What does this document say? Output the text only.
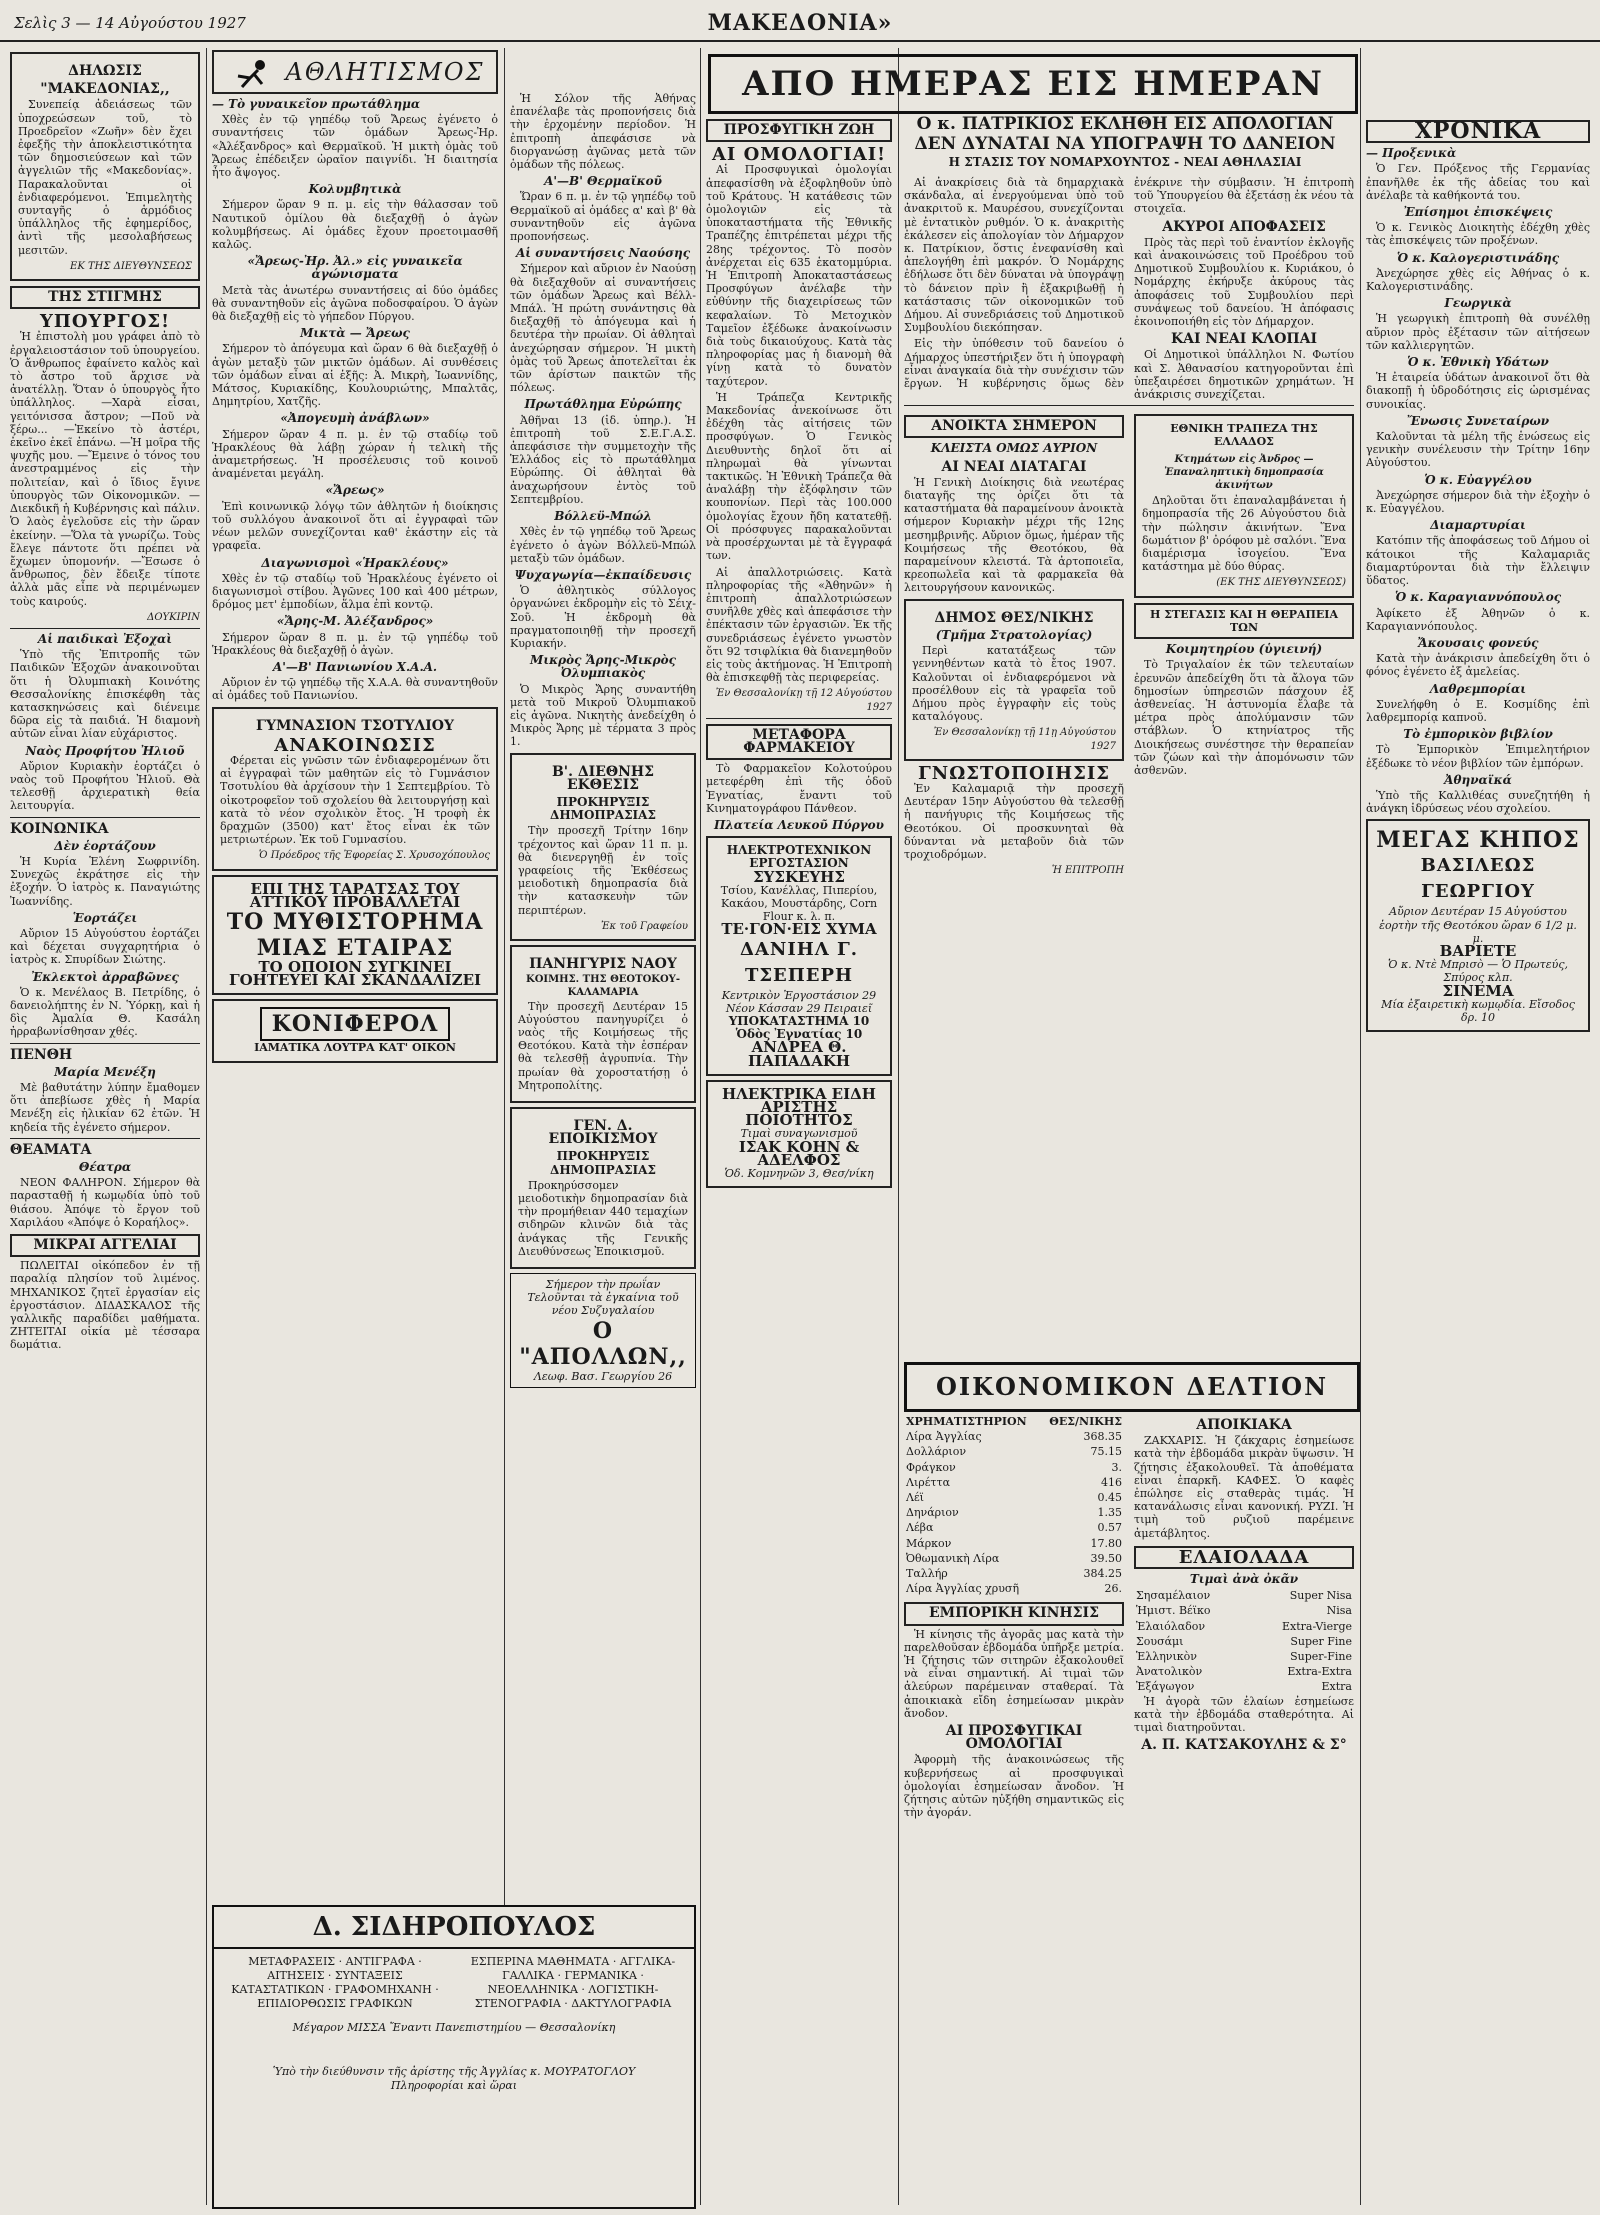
Σελὶς 3 — 14 Αὐγούστου 1927	ΜΑΚΕΔΟΝΙΑ»
ΔΗΛΩΣΙΣ
"ΜΑΚΕΔΟΝΙΑΣ,,

Συνεπείᾳ ἀδειάσεως τῶν ὑποχρεώσεων τοῦ, τὸ Προεδρεῖον «Ζωῆν» δὲν ἔχει ἐφεξῆς τὴν ἀποκλειστικότητα τῶν δημοσιεύσεων καὶ τῶν ἀγγελιῶν τῆς «Μακεδονίας». Παρακαλοῦνται οἱ ἐνδιαφερόμενοι. Ἐπιμελητὴς συνταγῆς ὁ ἁρμόδιος ὑπάλληλος τῆς ἐφημερίδος, ἀντὶ τῆς μεσολαβήσεως μεσιτῶν.

ΕΚ ΤΗΣ ΔΙΕΥΘΥΝΣΕΩΣ
ΤΗΣ ΣΤΙΓΜΗΣ
ΥΠΟΥΡΓΟΣ!

Ἡ ἐπιστολὴ μου γράφει ἀπὸ τὸ ἐργαλειοστάσιον τοῦ ὑπουργείου. Ὁ ἄνθρωπος ἐφαίνετο καλὸς καὶ τὸ ἄστρο τοῦ ἄρχισε νὰ ἀνατέλλῃ. Ὅταν ὁ ὑπουργὸς ἦτο ὑπάλληλος. —Χαρὰ εἶσαι, γειτόνισσα ἄστρον; —Ποῦ νὰ ξέρω... —Ἐκείνο τὸ ἀστέρι, ἐκεῖνο ἐκεῖ ἐπάνω. —Ἡ μοῖρα τῆς ψυχῆς μου. —Ἔμεινε ὁ τόνος του ἀνεστραμμένος εἰς τὴν πολιτείαν, καὶ ὁ ἴδιος ἔγινε ὑπουργὸς τῶν Οἰκονομικῶν. —Διεκδικῆ ἡ Κυβέρνησις καὶ πάλιν. Ὁ λαὸς ἐγελοῦσε εἰς τὴν ὥραν ἐκείνην. —Ὅλα τὰ γνωρίζω. Τοὺς ἔλεγε πάντοτε ὅτι πρέπει νὰ ἔχωμεν ὑπομονήν. —Ἔσωσε ὁ ἄνθρωπος, δὲν ἔδειξε τίποτε ἀλλὰ μᾶς εἶπε νὰ περιμένωμεν τοὺς καιρούς.

ΔΟΥΚΙΡΙΝ
Αἱ παιδικαὶ Ἐξοχαὶ

Ὑπὸ τῆς Ἐπιτροπῆς τῶν Παιδικῶν Ἐξοχῶν ἀνακοινοῦται ὅτι ἡ Ὀλυμπιακὴ Κοινότης Θεσσαλονίκης ἐπισκέφθη τὰς κατασκηνώσεις καὶ διένειμε δῶρα εἰς τὰ παιδιά. Ἡ διαμονὴ αὐτῶν εἶναι λίαν εὐχάριστος.

Ναὸς Προφήτου Ἠλιοῦ

Αὔριον Κυριακὴν ἑορτάζει ὁ ναὸς τοῦ Προφήτου Ἠλιοῦ. Θὰ τελεσθῇ ἀρχιερατικὴ θεία λειτουργία.

ΚΟΙΝΩΝΙΚΑ
Δὲν ἑορτάζουν

Ἡ Κυρία Ἑλένη Σωφρινίδη. Συνεχῶς ἐκράτησε εἰς τὴν ἐξοχήν. Ὁ ἰατρὸς κ. Παναγιώτης Ἰωαννίδης.

Ἑορτάζει

Αὔριον 15 Αὐγούστου ἑορτάζει καὶ δέχεται συγχαρητήρια ὁ ἰατρὸς κ. Σπυρίδων Σιώτης.

Ἐκλεκτοὶ ἀρραβῶνες

Ὁ κ. Μενέλαος Β. Πετρίδης, ὁ δανειολήπτης ἐν Ν. Ὑόρκῃ, καὶ ἡ δὶς Ἀμαλία Θ. Κασάλη ἠρραβωνίσθησαν χθές.

ΠΕΝΘΗ
Μαρία Μενέξη

Μὲ βαθυτάτην λύπην ἔμαθομεν ὅτι ἀπεβίωσε χθὲς ἡ Μαρία Μενέξη εἰς ἡλικίαν 62 ἐτῶν. Ἡ κηδεία τῆς ἐγένετο σήμερον.

ΘΕΑΜΑΤΑ
Θέατρα

ΝΕΟΝ ΦΑΛΗΡΟΝ. Σήμερον θὰ παρασταθῇ ἡ κωμῳδία ὑπὸ τοῦ θιάσου. Ἀπόψε τὸ ἔργον τοῦ Χαριλάου «Ἀπόψε ὁ Κοραήλος».

ΜΙΚΡΑΙ ΑΓΓΕΛΙΑΙ

ΠΩΛΕΙΤΑΙ οἰκόπεδον ἐν τῇ παραλίᾳ πλησίον τοῦ λιμένος. ΜΗΧΑΝΙΚΟΣ ζητεῖ ἐργασίαν εἰς ἐργοστάσιον. ΔΙΔΑΣΚΑΛΟΣ τῆς γαλλικῆς παραδίδει μαθήματα. ΖΗΤΕΙΤΑΙ οἰκία μὲ τέσσαρα δωμάτια.

ΑΘΛΗΤΙΣΜΟΣ
— Τὸ γυναικεῖον πρωτάθλημα

Χθὲς ἐν τῷ γηπέδῳ τοῦ Ἄρεως ἐγένετο ὁ συναντήσεις τῶν ὁμάδων Ἄρεως-Ἠρ. «Ἀλέξανδρος» καὶ Θερμαϊκοῦ. Ἡ μικτὴ ὁμὰς τοῦ Ἄρεως ἐπέδειξεν ὡραῖον παιγνίδι. Ἡ διαιτησία ἦτο ἄψογος.

Κολυμβητικὰ

Σήμερον ὥραν 9 π. μ. εἰς τὴν θάλασσαν τοῦ Ναυτικοῦ ὀμίλου θὰ διεξαχθῇ ὁ ἀγὼν κολυμβήσεως. Αἱ ὁμάδες ἔχουν προετοιμασθῆ καλῶς.

«Ἄρεως-Ἠρ. Ἀλ.» εἰς γυναικεῖα ἀγώνισματα

Μετὰ τὰς ἀνωτέρω συναντήσεις αἱ δύο ὁμάδες θὰ συναντηθοῦν εἰς ἀγῶνα ποδοσφαίρου. Ὁ ἀγὼν θὰ διεξαχθῇ εἰς τὸ γήπεδον Πύργου.

Μικτὰ — Ἄρεως

Σήμερον τὸ ἀπόγευμα καὶ ὥραν 6 θὰ διεξαχθῇ ὁ ἀγὼν μεταξὺ τῶν μικτῶν ὁμάδων. Αἱ συνθέσεις τῶν ὁμάδων εἶναι αἱ ἑξῆς: Ἀ. Μικρὴ, Ἰωαννίδης, Μάτσος, Κυριακίδης, Κουλουριώτης, Μπαλτᾶς, Δημητρίου, Χατζῆς.

«Ἀπογευμὴ ἀνάβλων»

Σήμερον ὥραν 4 π. μ. ἐν τῷ σταδίῳ τοῦ Ἡρακλέους θὰ λάβῃ χώραν ἡ τελικὴ τῆς ἀναμετρήσεως. Ἡ προσέλευσις τοῦ κοινοῦ ἀναμένεται μεγάλη.

«Ἄρεως»

Ἐπὶ κοινωνικῷ λόγῳ τῶν ἀθλητῶν ἡ διοίκησις τοῦ συλλόγου ἀνακοινοῖ ὅτι αἱ ἐγγραφαὶ τῶν νέων μελῶν συνεχίζονται καθ' ἑκάστην εἰς τὰ γραφεῖα.

Διαγωνισμοὶ «Ἡρακλέους»

Χθὲς ἐν τῷ σταδίῳ τοῦ Ἡρακλέους ἐγένετο οἱ διαγωνισμοὶ στίβου. Ἀγῶνες 100 καὶ 400 μέτρων, δρόμος μετ' ἐμποδίων, ἅλμα ἐπὶ κοντῷ.

«Ἄρης-Μ. Ἀλέξανδρος»

Σήμερον ὥραν 8 π. μ. ἐν τῷ γηπέδῳ τοῦ Ἡρακλέους θὰ διεξαχθῇ ὁ ἀγὼν.

Α'—Β' Πανιωνίου Χ.Α.Α.

Αὔριον ἐν τῷ γηπέδῳ τῆς Χ.Α.Α. θὰ συναντηθοῦν αἱ ὁμάδες τοῦ Πανιωνίου.

ΓΥΜΝΑΣΙΟΝ ΤΣΟΤΥΛΙΟΥ
ΑΝΑΚΟΙΝΩΣΙΣ

Φέρεται εἰς γνῶσιν τῶν ἐνδιαφερομένων ὅτι αἱ ἐγγραφαὶ τῶν μαθητῶν εἰς τὸ Γυμνάσιον Τσοτυλίου θὰ ἀρχίσουν τὴν 1 Σεπτεμβρίου. Τὸ οἰκοτροφεῖον τοῦ σχολείου θὰ λειτουργήσῃ καὶ κατὰ τὸ νέον σχολικὸν ἔτος. Ἡ τροφὴ ἐκ δραχμῶν (3500) κατ' ἔτος εἶναι ἐκ τῶν μετριωτέρων. Ἐκ τοῦ Γυμνασίου.

Ὁ Πρόεδρος τῆς Ἐφορείας Σ. Χρυσοχόπουλος
ΕΠΙ ΤΗΣ ΤΑΡΑΤΣΑΣ ΤΟΥ ΑΤΤΙΚΟΥ ΠΡΟΒΑΛΛΕΤΑΙ
ΤΟ ΜΥΘΙΣΤΟΡΗΜΑ ΜΙΑΣ ΕΤΑΙΡΑΣ
ΤΟ ΟΠΟΙΟΝ ΣΥΓΚΙΝΕΙ ΓΟΗΤΕΥΕΙ ΚΑΙ ΣΚΑΝΔΑΛΙΖΕΙ
ΚΟΝΙΦΕΡΟΛ
ΙΑΜΑΤΙΚΑ ΛΟΥΤΡΑ ΚΑΤ' ΟΙΚΟΝ
Δ. ΣΙΔΗΡΟΠΟΥΛΟΣ
ΜΕΤΑΦΡΑΣΕΙΣ · ΑΝΤΙΓΡΑΦΑ · ΑΙΤΗΣΕΙΣ · ΣΥΝΤΑΞΕΙΣ ΚΑΤΑΣΤΑΤΙΚΩΝ · ΓΡΑΦΟΜΗΧΑΝΗ · ΕΠΙΔΙΟΡΘΩΣΙΣ ΓΡΑΦΙΚΩΝ
ΕΣΠΕΡΙΝΑ ΜΑΘΗΜΑΤΑ · ΑΓΓΛΙΚΑ-ΓΑΛΛΙΚΑ · ΓΕΡΜΑΝΙΚΑ · ΝΕΟΕΛΛΗΝΙΚΑ · ΛΟΓΙΣΤΙΚΗ-ΣΤΕΝΟΓΡΑΦΙΑ · ΔΑΚΤΥΛΟΓΡΑΦΙΑ
Μέγαρον ΜΙΣΣΑ Ἔναντι Πανεπιστημίου — Θεσσαλονίκη
Ὑπὸ τὴν διεύθυνσιν τῆς ἀρίστης τῆς Ἀγγλίας κ. ΜΟΥΡΑΤΟΓΛΟΥ
Πληροφορίαι καὶ ὥραι

Ἡ Σόλον τῆς Ἀθήνας ἐπανέλαβε τὰς προπονήσεις διὰ τὴν ἐρχομένην περίοδον. Ἡ ἐπιτροπὴ ἀπεφάσισε νὰ διοργανώσῃ ἀγῶνας μετὰ τῶν ὁμάδων τῆς πόλεως.

Α'—Β' Θερμαϊκοῦ

Ὥραν 6 π. μ. ἐν τῷ γηπέδῳ τοῦ Θερμαϊκοῦ αἱ ὁμάδες α' καὶ β' θὰ συναντηθοῦν εἰς ἀγῶνα προπονήσεως.

Αἱ συναντήσεις Ναούσης

Σήμερον καὶ αὔριον ἐν Ναούσῃ θὰ διεξαχθοῦν αἱ συναντήσεις τῶν ὁμάδων Ἄρεως καὶ Βέλλ-Μπάλ. Ἡ πρώτη συνάντησις θὰ διεξαχθῇ τὸ ἀπόγευμα καὶ ἡ δευτέρα τὴν πρωίαν. Οἱ ἀθληταὶ ἀνεχώρησαν σήμερον. Ἡ μικτὴ ὁμὰς τοῦ Ἄρεως ἀποτελεῖται ἐκ τῶν ἀρίστων παικτῶν τῆς πόλεως.

Πρωτάθλημα Εὐρώπης

Ἀθῆναι 13 (ἰδ. ὑπηρ.). Ἡ ἐπιτροπὴ τοῦ Σ.Ε.Γ.Α.Σ. ἀπεφάσισε τὴν συμμετοχὴν τῆς Ἑλλάδος εἰς τὸ πρωτάθλημα Εὐρώπης. Οἱ ἀθληταὶ θὰ ἀναχωρήσουν ἐντὸς τοῦ Σεπτεμβρίου.

Βόλλεϋ-Μπώλ

Χθὲς ἐν τῷ γηπέδῳ τοῦ Ἄρεως ἐγένετο ὁ ἀγὼν Βόλλεϋ-Μπώλ μεταξὺ τῶν ὁμάδων.

Ψυχαγωγία—ἐκπαίδευσις

Ὁ ἀθλητικὸς σύλλογος ὀργανώνει ἐκδρομὴν εἰς τὸ Σέιχ-Σοῦ. Ἡ ἐκδρομὴ θὰ πραγματοποιηθῇ τὴν προσεχῆ Κυριακήν.

Μικρὸς Ἄρης-Μικρὸς Ὀλυμπιακὸς

Ὁ Μικρὸς Ἄρης συναντήθη μετὰ τοῦ Μικροῦ Ὀλυμπιακοῦ εἰς ἀγῶνα. Νικητὴς ἀνεδείχθη ὁ Μικρὸς Ἄρης μὲ τέρματα 3 πρὸς 1.

Β'. ΔΙΕΘΝΗΣ ΕΚΘΕΣΙΣ
ΠΡΟΚΗΡΥΞΙΣ ΔΗΜΟΠΡΑΣΙΑΣ

Τὴν προσεχῆ Τρίτην 16ην τρέχοντος καὶ ὥραν 11 π. μ. θὰ διενεργηθῇ ἐν τοῖς γραφείοις τῆς Ἐκθέσεως μειοδοτικὴ δημοπρασία διὰ τὴν κατασκευὴν τῶν περιπτέρων.

Ἐκ τοῦ Γραφείου
ΠΑΝΗΓΥΡΙΣ ΝΑΟΥ
ΚΟΙΜΗΣ. ΤΗΣ ΘΕΟΤΟΚΟΥ-ΚΑΛΑΜΑΡΙΑ

Τὴν προσεχῆ Δευτέραν 15 Αὐγούστου πανηγυρίζει ὁ ναὸς τῆς Κοιμήσεως τῆς Θεοτόκου. Κατὰ τὴν ἑσπέραν θὰ τελεσθῇ ἀγρυπνία. Τὴν πρωίαν θὰ χοροστατήσῃ ὁ Μητροπολίτης.

ΓΕΝ. Δ. ΕΠΟΙΚΙΣΜΟΥ
ΠΡΟΚΗΡΥΞΙΣ ΔΗΜΟΠΡΑΣΙΑΣ

Προκηρύσσομεν μειοδοτικὴν δημοπρασίαν διὰ τὴν προμήθειαν 440 τεμαχίων σιδηρῶν κλινῶν διὰ τὰς ἀνάγκας τῆς Γενικῆς Διευθύνσεως Ἐποικισμοῦ.

Σήμερον τὴν πρωΐαν Τελοῦνται τὰ ἐγκαίνια τοῦ νέου Συζυγαλαίου
Ο "ΑΠΟΛΛΩΝ,,
Λεωφ. Βασ. Γεωργίου 26
ΑΠΟ ΗΜΕΡΑΣ ΕΙΣ ΗΜΕΡΑΝ
Ο κ. ΠΑΤΡΙΚΙΟΣ ΕΚΛΗΘΗ ΕΙΣ ΑΠΟΛΟΓΙΑΝ
ΔΕΝ ΔΥΝΑΤΑΙ ΝΑ ΥΠΟΓΡΑΨΗ ΤΟ ΔΑΝΕΙΟΝ
Η ΣΤΑΣΙΣ ΤΟΥ ΝΟΜΑΡΧΟΥΝΤΟΣ - ΝΕΑΙ ΑΘΗΛΑΣΙΑΙ
ΠΡΟΣΦΥΓΙΚΗ ΖΩΗ
ΑΙ ΟΜΟΛΟΓΙΑΙ!

Αἱ Προσφυγικαὶ ὁμολογίαι ἀπεφασίσθη νὰ ἐξοφληθοῦν ὑπὸ τοῦ Κράτους. Ἡ κατάθεσις τῶν ὁμολογιῶν εἰς τὰ ὑποκαταστήματα τῆς Ἐθνικῆς Τραπέζης ἐπιτρέπεται μέχρι τῆς 28ης τρέχοντος. Τὸ ποσὸν ἀνέρχεται εἰς 635 ἑκατομμύρια. Ἡ Ἐπιτροπὴ Ἀποκαταστάσεως Προσφύγων ἀνέλαβε τὴν εὐθύνην τῆς διαχειρίσεως τῶν κεφαλαίων. Τὸ Μετοχικὸν Ταμεῖον ἐξέδωκε ἀνακοίνωσιν διὰ τοὺς δικαιούχους. Κατὰ τὰς πληροφορίας μας ἡ διανομὴ θὰ γίνῃ κατὰ τὸ δυνατὸν ταχύτερον.

Ἡ Τράπεζα Κεντρικῆς Μακεδονίας ἀνεκοίνωσε ὅτι ἐδέχθη τὰς αἰτήσεις τῶν προσφύγων. Ὁ Γενικὸς Διευθυντὴς δηλοῖ ὅτι αἱ πληρωμαὶ θὰ γίνωνται τακτικῶς. Ἡ Ἐθνικὴ Τράπεζα θὰ ἀναλάβῃ τὴν ἐξόφλησιν τῶν κουπονίων. Περὶ τὰς 100.000 ὁμολογίας ἔχουν ἤδη κατατεθῇ. Οἱ πρόσφυγες παρακαλοῦνται νὰ προσέρχωνται μὲ τὰ ἔγγραφά των.

Αἱ ἀπαλλοτριώσεις. Κατὰ πληροφορίας τῆς «Ἀθηνῶν» ἡ ἐπιτροπὴ ἀπαλλοτριώσεων συνῆλθε χθὲς καὶ ἀπεφάσισε τὴν ἐπέκτασιν τῶν ἐργασιῶν. Ἐκ τῆς συνεδριάσεως ἐγένετο γνωστὸν ὅτι 92 τσιφλίκια θὰ διανεμηθοῦν εἰς τοὺς ἀκτήμονας. Ἡ Ἐπιτροπὴ θὰ ἐπισκεφθῇ τὰς περιφερείας.

Ἐν Θεσσαλονίκῃ τῇ 12 Αὐγούστου 1927
ΜΕΤΑΦΟΡΑ ΦΑΡΜΑΚΕΙΟΥ

Τὸ Φαρμακεῖον Κολοτούρου μετεφέρθη ἐπὶ τῆς ὁδοῦ Ἐγνατίας, ἔναντι τοῦ Κινηματογράφου Πάνθεον.

Πλατεία Λευκοῦ Πύργου
ΗΛΕΚΤΡΟΤΕΧΝΙΚΟΝ ΕΡΓΟΣΤΑΣΙΟΝ
ΣΥΣΚΕΥΗΣ
Τσίου, Κανέλλας, Πιπερίου, Κακάου, Μουστάρδης, Corn Flour κ. λ. π.
ΤΕ·ΓΟΝ·ΕΙΣ ΧΥΜΑ
ΔΑΝΙΗΛ Γ. ΤΣΕΠΕΡΗ
Κεντρικὸν Ἐργοστάσιον 29 Νέον Κάσσαν 29 Πειραιεῖ
ΥΠΟΚΑΤΑΣΤΗΜΑ 10 Ὁδὸς Ἐγνατίας 10
ΑΝΔΡΕΑ Θ. ΠΑΠΑΔΑΚΗ
ΗΛΕΚΤΡΙΚΑ ΕΙΔΗ ΑΡΙΣΤΗΣ ΠΟΙΟΤΗΤΟΣ
Τιμαὶ συναγωνισμοῦ
ΙΣΑΚ ΚΟΗΝ & ΑΔΕΛΦΟΣ
Ὁδ. Κομνηνῶν 3, Θεσ/νίκη

Αἱ ἀνακρίσεις διὰ τὰ δημαρχιακὰ σκάνδαλα, αἱ ἐνεργούμεναι ὑπὸ τοῦ ἀνακριτοῦ κ. Μαυρέσου, συνεχίζονται μὲ ἐντατικὸν ρυθμόν. Ὁ κ. ἀνακριτὴς ἐκάλεσεν εἰς ἀπολογίαν τὸν Δήμαρχον κ. Πατρίκιον, ὅστις ἐνεφανίσθη καὶ ἀπελογήθη ἐπὶ μακρόν. Ὁ Νομάρχης ἐδήλωσε ὅτι δὲν δύναται νὰ ὑπογράψῃ τὸ δάνειον πρὶν ἢ ἐξακριβωθῇ ἡ κατάστασις τῶν οἰκονομικῶν τοῦ Δήμου. Αἱ συνεδριάσεις τοῦ Δημοτικοῦ Συμβουλίου διεκόπησαν.

Εἰς τὴν ὑπόθεσιν τοῦ δανείου ὁ Δήμαρχος ὑπεστήριξεν ὅτι ἡ ὑπογραφὴ εἶναι ἀναγκαία διὰ τὴν συνέχισιν τῶν ἔργων. Ἡ κυβέρνησις ὅμως δὲν ἐνέκρινε τὴν σύμβασιν. Ἡ ἐπιτροπὴ τοῦ Ὑπουργείου θὰ ἐξετάσῃ ἐκ νέου τὰ στοιχεῖα.

ΑΚΥΡΟΙ ΑΠΟΦΑΣΕΙΣ

Πρὸς τὰς περὶ τοῦ ἐναντίον ἐκλογῆς καὶ ἀνακοινώσεις τοῦ Προέδρου τοῦ Δημοτικοῦ Συμβουλίου κ. Κυριάκου, ὁ Νομάρχης ἐκήρυξε ἀκύρους τὰς ἀποφάσεις τοῦ Συμβουλίου περὶ συνάψεως τοῦ δανείου. Ἡ ἀπόφασις ἐκοινοποιήθη εἰς τὸν Δήμαρχον.

ΚΑΙ ΝΕΑΙ ΚΛΟΠΑΙ

Οἱ Δημοτικοὶ ὑπάλληλοι Ν. Φωτίου καὶ Σ. Ἀθανασίου κατηγοροῦνται ἐπὶ ὑπεξαιρέσει δημοτικῶν χρημάτων. Ἡ ἀνάκρισις συνεχίζεται.

ΑΝΟΙΚΤΑ ΣΗΜΕΡΟΝ
ΚΛΕΙΣΤΑ ΟΜΩΣ ΑΥΡΙΟΝ
ΑΙ ΝΕΑΙ ΔΙΑΤΑΓΑΙ

Ἡ Γενικὴ Διοίκησις διὰ νεωτέρας διαταγῆς της ὁρίζει ὅτι τὰ καταστήματα θὰ παραμείνουν ἀνοικτὰ σήμερον Κυριακὴν μέχρι τῆς 12ης μεσημβρινῆς. Αὔριον ὅμως, ἡμέραν τῆς Κοιμήσεως τῆς Θεοτόκου, θὰ παραμείνουν κλειστά. Τὰ ἀρτοποιεῖα, κρεοπωλεῖα καὶ τὰ φαρμακεῖα θὰ λειτουργήσουν κανονικῶς.

ΔΗΜΟΣ ΘΕΣ/ΝΙΚΗΣ
(Τμῆμα Στρατολογίας)

Περὶ κατατάξεως τῶν γεννηθέντων κατὰ τὸ ἔτος 1907. Καλοῦνται οἱ ἐνδιαφερόμενοι νὰ προσέλθουν εἰς τὰ γραφεῖα τοῦ Δήμου πρὸς ἐγγραφὴν εἰς τοὺς καταλόγους.

Ἐν Θεσσαλονίκῃ τῇ 11ῃ Αὐγούστου 1927
ΓΝΩΣΤΟΠΟΙΗΣΙΣ

Ἐν Καλαμαριᾷ τὴν προσεχῆ Δευτέραν 15ην Αὐγούστου θὰ τελεσθῇ ἡ πανήγυρις τῆς Κοιμήσεως τῆς Θεοτόκου. Οἱ προσκυνηταὶ θὰ δύνανται νὰ μεταβοῦν διὰ τῶν τροχιοδρόμων.

Ἡ ΕΠΙΤΡΟΠΗ
ΕΘΝΙΚΗ ΤΡΑΠΕΖΑ ΤΗΣ ΕΛΛΑΔΟΣ
Κτημάτων εἰς Ἀνδρος — Ἐπαναληπτικὴ δημοπρασία ἀκινήτων

Δηλοῦται ὅτι ἐπαναλαμβάνεται ἡ δημοπρασία τῆς 26 Αὐγούστου διὰ τὴν πώλησιν ἀκινήτων. Ἕνα δωμάτιον β' ὀρόφου μὲ σαλόνι. Ἕνα διαμέρισμα ἰσογείου. Ἕνα κατάστημα μὲ δύο θύρας.

(ΕΚ ΤΗΣ ΔΙΕΥΘΥΝΣΕΩΣ)
Η ΣΤΕΓΑΣΙΣ ΚΑΙ Η ΘΕΡΑΠΕΙΑ ΤΩΝ
Κοιμητηρίου (ὑγιεινή)

Τὸ Τριγαλαίον ἐκ τῶν τελευταίων ἐρευνῶν ἀπεδείχθη ὅτι τὰ ἄλογα τῶν δημοσίων ὑπηρεσιῶν πάσχουν ἐξ ἀσθενείας. Ἡ ἀστυνομία ἔλαβε τὰ μέτρα πρὸς ἀπολύμανσιν τῶν στάβλων. Ὁ κτηνίατρος τῆς Διοικήσεως συνέστησε τὴν θεραπείαν τῶν ζώων καὶ τὴν ἀπομόνωσιν τῶν ἀσθενῶν.

ΟΙΚΟΝΟΜΙΚΟΝ ΔΕΛΤΙΟΝ
ΧΡΗΜΑΤΙΣΤΗΡΙΟΝ	ΘΕΣ/ΝΙΚΗΣ
Λίρα Ἀγγλίας	368.35
Δολλάριον	75.15
Φράγκον	3.
Λιρέττα	416
Λέϊ	0.45
Δηνάριον	1.35
Λέβα	0.57
Μάρκον	17.80
Ὀθωμανικὴ Λίρα	39.50
Ταλλήρ	384.25
Λίρα Ἀγγλίας χρυσῆ	26.
ΕΜΠΟΡΙΚΗ ΚΙΝΗΣΙΣ

Ἡ κίνησις τῆς ἀγορᾶς μας κατὰ τὴν παρελθοῦσαν ἑβδομάδα ὑπῆρξε μετρία. Ἡ ζήτησις τῶν σιτηρῶν ἐξακολουθεῖ νὰ εἶναι σημαντική. Αἱ τιμαὶ τῶν ἀλεύρων παρέμειναν σταθεραί. Τὰ ἀποικιακὰ εἴδη ἐσημείωσαν μικρὰν ἄνοδον.

ΑΙ ΠΡΟΣΦΥΓΙΚΑΙ ΟΜΟΛΟΓΙΑΙ

Ἀφορμὴ τῆς ἀνακοινώσεως τῆς κυβερνήσεως αἱ προσφυγικαὶ ὁμολογίαι ἐσημείωσαν ἄνοδον. Ἡ ζήτησις αὐτῶν ηὐξήθη σημαντικῶς εἰς τὴν ἀγοράν.

ΑΠΟΙΚΙΑΚΑ

ΖΑΚΧΑΡΙΣ. Ἡ ζάκχαρις ἐσημείωσε κατὰ τὴν ἑβδομάδα μικρὰν ὕψωσιν. Ἡ ζήτησις ἐξακολουθεῖ. Τὰ ἀποθέματα εἶναι ἐπαρκῆ. ΚΑΦΕΣ. Ὁ καφὲς ἐπώλησε εἰς σταθερὰς τιμάς. Ἡ κατανάλωσις εἶναι κανονική. ΡΥΖΙ. Ἡ τιμὴ τοῦ ρυζιοῦ παρέμεινε ἀμετάβλητος.

ΕΛΑΙΟΛΑΔΑ
Τιμαὶ ἀνὰ ὀκᾶν
Σησαμέλαιον	Super Nisa
Ἡμιστ. Βέϊκο	Nisa
Ἐλαιόλαδον	Extra-Vierge
Σουσάμι	Super Fine
Ἑλληνικὸν	Super-Fine
Ἀνατολικὸν	Extra-Extra
Ἐξάγωγον	Extra

Ἡ ἀγορὰ τῶν ἐλαίων ἐσημείωσε κατὰ τὴν ἑβδομάδα σταθερότητα. Αἱ τιμαὶ διατηροῦνται.

Α. Π. ΚΑΤΣΑΚΟΥΛΗΣ & Σ°
ΧΡΟΝΙΚΑ
— Προξενικὰ

Ὁ Γεν. Πρόξενος τῆς Γερμανίας ἐπανῆλθε ἐκ τῆς ἀδείας του καὶ ἀνέλαβε τὰ καθήκοντά του.

Ἐπίσημοι ἐπισκέψεις

Ὁ κ. Γενικὸς Διοικητὴς ἐδέχθη χθὲς τὰς ἐπισκέψεις τῶν προξένων.

Ὁ κ. Καλογεριστινάδης

Ἀνεχώρησε χθὲς εἰς Ἀθήνας ὁ κ. Καλογεριστινάδης.

Γεωργικὰ

Ἡ γεωργικὴ ἐπιτροπὴ θὰ συνέλθῃ αὔριον πρὸς ἐξέτασιν τῶν αἰτήσεων τῶν καλλιεργητῶν.

Ὁ κ. Ἐθνικὴ Υδάτων

Ἡ ἐταιρεία ὑδάτων ἀνακοινοῖ ὅτι θὰ διακοπῇ ἡ ὑδροδότησις εἰς ὡρισμένας συνοικίας.

Ἔνωσις Συνεταίρων

Καλοῦνται τὰ μέλη τῆς ἑνώσεως εἰς γενικὴν συνέλευσιν τὴν Τρίτην 16ην Αὐγούστου.

Ὁ κ. Εὐαγγέλου

Ἀνεχώρησε σήμερον διὰ τὴν ἐξοχὴν ὁ κ. Εὐαγγέλου.

Διαμαρτυρίαι

Κατόπιν τῆς ἀποφάσεως τοῦ Δήμου οἱ κάτοικοι τῆς Καλαμαριᾶς διαμαρτύρονται διὰ τὴν ἔλλειψιν ὕδατος.

Ὁ κ. Καραγιαννόπουλος

Ἀφίκετο ἐξ Ἀθηνῶν ὁ κ. Καραγιαννόπουλος.

Ἄκουσαις φονεύς

Κατὰ τὴν ἀνάκρισιν ἀπεδείχθη ὅτι ὁ φόνος ἐγένετο ἐξ ἀμελείας.

Λαθρεμπορίαι

Συνελήφθη ὁ Ε. Κοσμίδης ἐπὶ λαθρεμπορίᾳ καπνοῦ.

Τὸ ἐμπορικὸν βιβλίον

Τὸ Ἐμπορικὸν Ἐπιμελητήριον ἐξέδωκε τὸ νέον βιβλίον τῶν ἐμπόρων.

Ἀθηναϊκά

Ὑπὸ τῆς Καλλιθέας συνεζητήθη ἡ ἀνάγκη ἱδρύσεως νέου σχολείου.

ΜΕΓΑΣ ΚΗΠΟΣ
ΒΑΣΙΛΕΩΣ ΓΕΩΡΓΙΟΥ
Αὔριον Δευτέραν 15 Αὐγούστου ἑορτὴν τῆς Θεοτόκου ὥραν 6 1/2 μ. μ.
ΒΑΡΙΕΤΕ
Ὁ κ. Ντὲ Μπρισὸ — Ὁ Πρωτεύς, Σπύρος κλπ.
ΣΙΝΕΜΑ
Μία ἐξαιρετικὴ κωμῳδία. Εἴσοδος δρ. 10
